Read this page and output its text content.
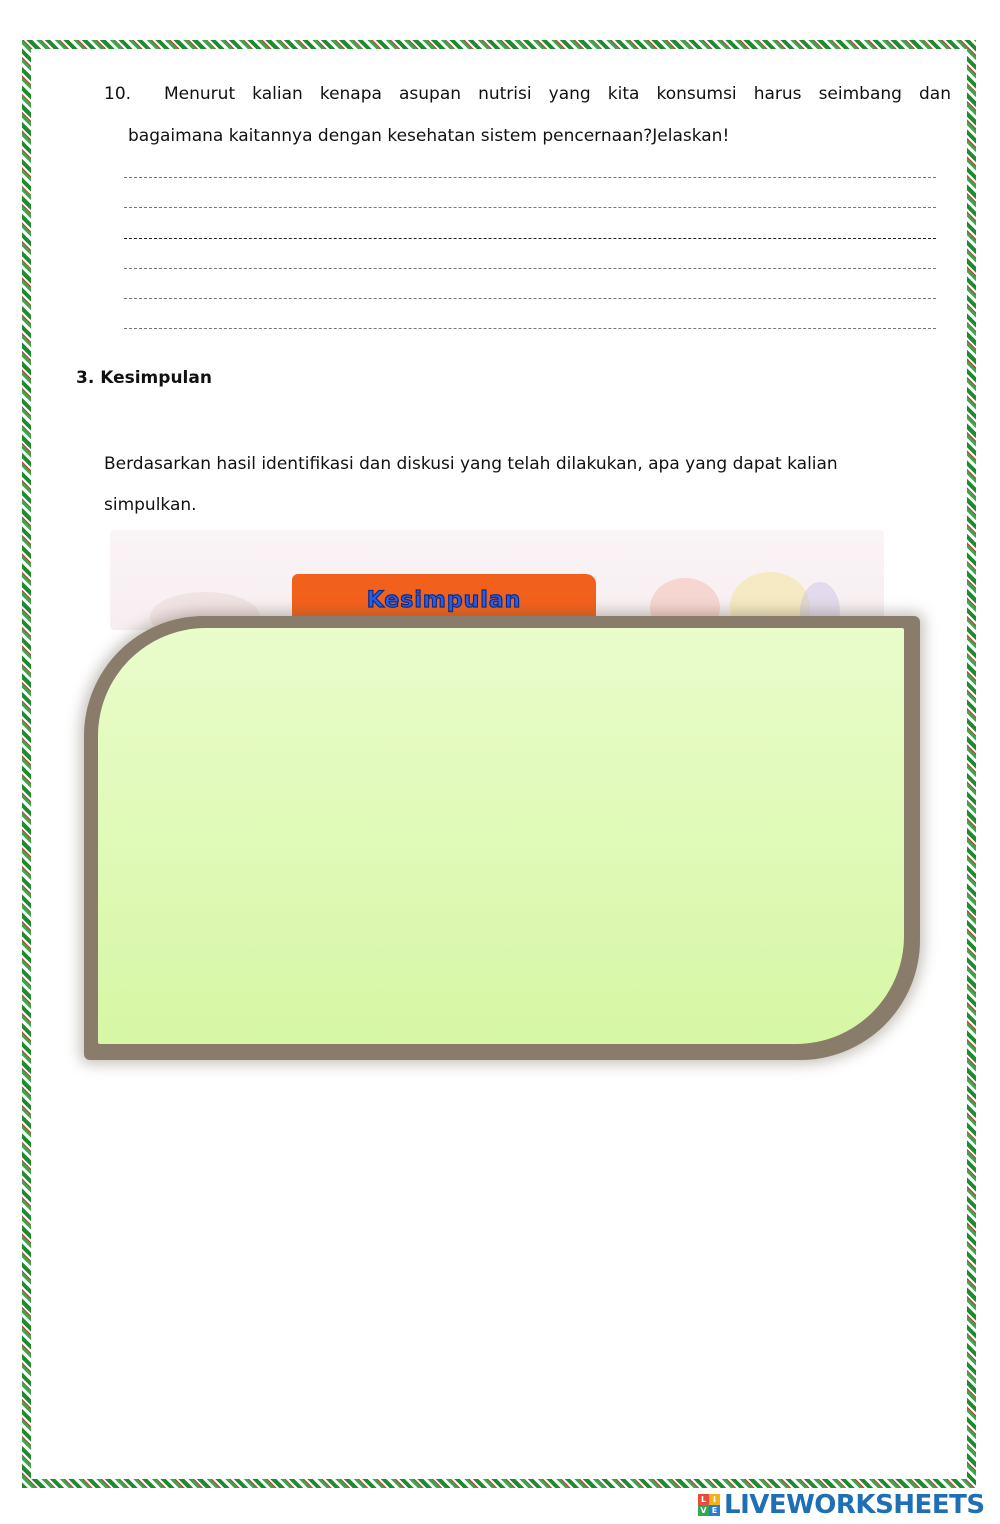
10. Menurut kalian kenapa asupan nutrisi yang kita konsumsi harus seimbang dan
bagaimana kaitannya dengan kesehatan sistem pencernaan?Jelaskan!
3. Kesimpulan
Berdasarkan hasil identifikasi dan diskusi yang telah dilakukan, apa yang dapat kalian simpulkan.
Kesimpulan
L I
V E LIVEWORKSHEETS
